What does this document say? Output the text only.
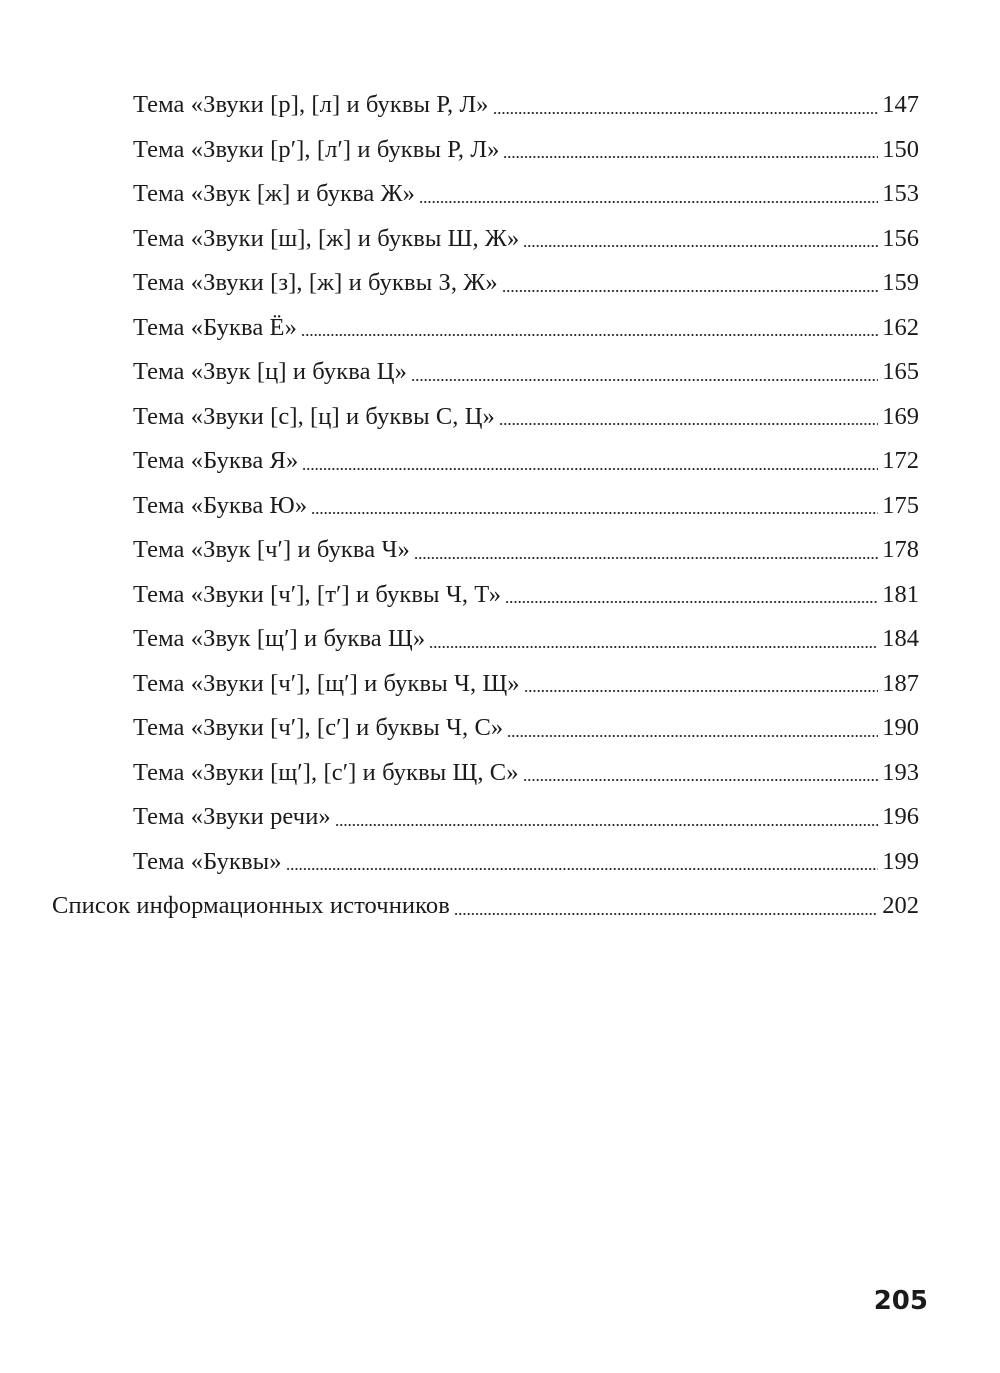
Тема «Звуки [р], [л] и буквы Р, Л»	147
Тема «Звуки [р′], [л′] и буквы Р, Л»	150
Тема «Звук [ж] и буква Ж»	153
Тема «Звуки [ш], [ж] и буквы Ш, Ж»	156
Тема «Звуки [з], [ж] и буквы З, Ж»	159
Тема «Буква Ё»	162
Тема «Звук [ц] и буква Ц»	165
Тема «Звуки [с], [ц] и буквы С, Ц»	169
Тема «Буква Я»	172
Тема «Буква Ю»	175
Тема «Звук [ч′] и буква Ч»	178
Тема «Звуки [ч′], [т′] и буквы Ч, Т»	181
Тема «Звук [щ′] и буква Щ»	184
Тема «Звуки [ч′], [щ′] и буквы Ч, Щ»	187
Тема «Звуки [ч′], [с′] и буквы Ч, С»	190
Тема «Звуки [щ′], [с′] и буквы Щ, С»	193
Тема «Звуки речи»	196
Тема «Буквы»	199
Список информационных источников	202
205
